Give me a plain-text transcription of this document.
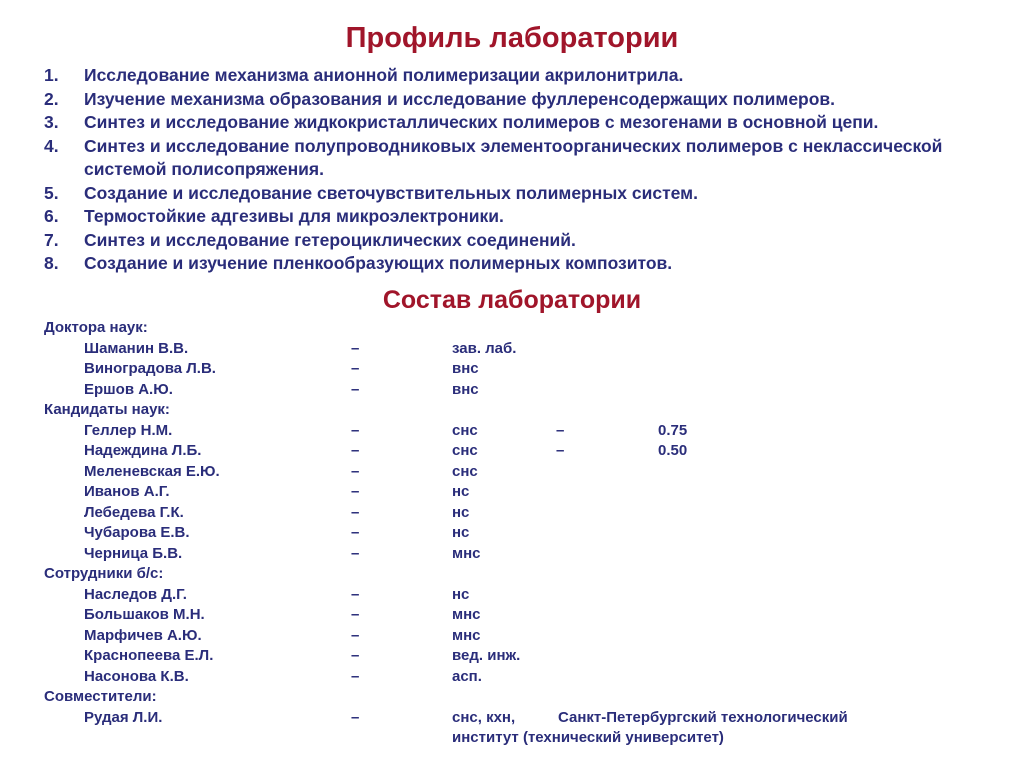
Профиль лаборатории
1. Исследование механизма анионной полимеризации акрилонитрила.
2. Изучение механизма образования и исследование фуллеренсодержащих полимеров.
3. Синтез и исследование жидкокристаллических полимеров с мезогенами в основной цепи.
4. Синтез и исследование полупроводниковых элементоорганических полимеров с неклассической системой полисопряжения.
5. Создание и исследование светочувствительных полимерных систем.
6. Термостойкие адгезивы для микроэлектроники.
7. Синтез и исследование гетероциклических соединений.
8. Создание и изучение пленкообразующих полимерных композитов.
Состав лаборатории
Доктора наук:
Шаманин В.В.	–	зав. лаб.
Виноградова Л.В.	–	внс
Ершов А.Ю.	–	внс
Кандидаты наук:
Геллер Н.М.	–	снс	–	0.75
Надеждина Л.Б.	–	снс	–	0.50
Меленевская Е.Ю.	–	снс
Иванов А.Г.	–	нс
Лебедева Г.К.	–	нс
Чубарова Е.В.	–	нс
Черница Б.В.	–	мнс
Сотрудники б/с:
Наследов Д.Г.	–	нс
Большаков М.Н.	–	мнс
Марфичев А.Ю.	–	мнс
Краснопеева Е.Л.	–	вед. инж.
Насонова К.В.	–	асп.
Совместители:
Рудая Л.И.	–	снс, кхн,	Санкт-Петербургский технологический
институт (технический университет)
